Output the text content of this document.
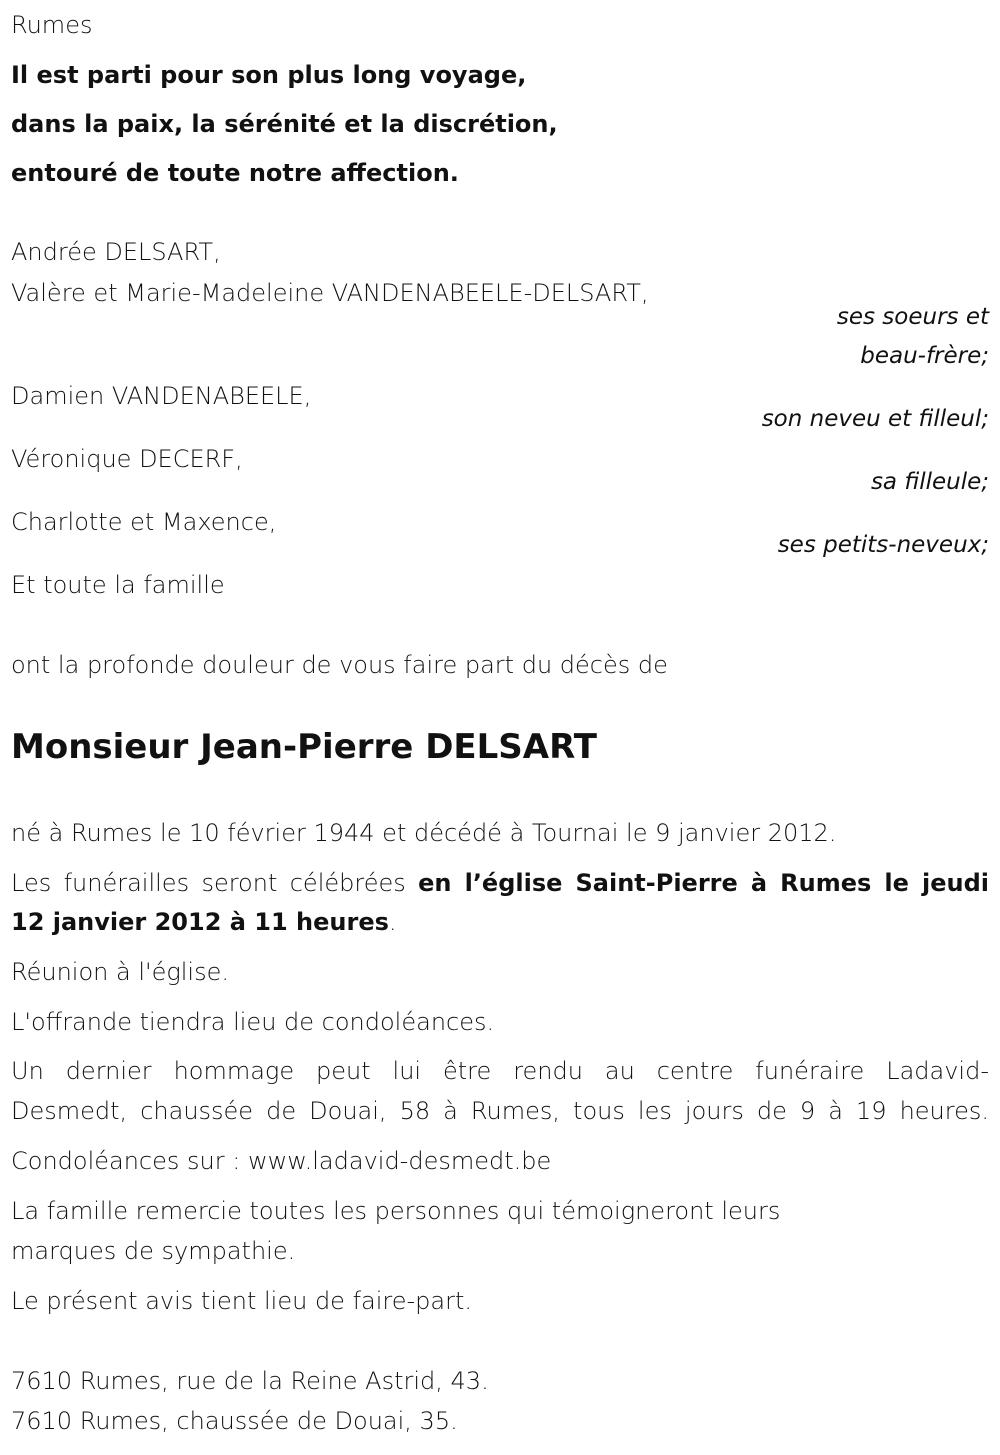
Rumes
Il est parti pour son plus long voyage,
dans la paix, la sérénité et la discrétion,
entouré de toute notre affection.
Andrée DELSART,
Valère et Marie-Madeleine VANDENABEELE-DELSART,
ses soeurs et
beau-frère;
Damien VANDENABEELE,
son neveu et filleul;
Véronique DECERF,
sa filleule;
Charlotte et Maxence,
ses petits-neveux;
Et toute la famille
ont la profonde douleur de vous faire part du décès de
Monsieur Jean-Pierre DELSART
né à Rumes le 10 février 1944 et décédé à Tournai le 9 janvier 2012.
Les funérailles seront célébrées en l’église Saint-Pierre à Rumes le jeudi
12 janvier 2012 à 11 heures.
Réunion à l'église.
L'offrande tiendra lieu de condoléances.
Un dernier hommage peut lui être rendu au centre funéraire Ladavid-
Desmedt, chaussée de Douai, 58 à Rumes, tous les jours de 9 à 19 heures.
Condoléances sur : www.ladavid-desmedt.be
La famille remercie toutes les personnes qui témoigneront leurs
marques de sympathie.
Le présent avis tient lieu de faire-part.
7610 Rumes, rue de la Reine Astrid, 43.
7610 Rumes, chaussée de Douai, 35.
